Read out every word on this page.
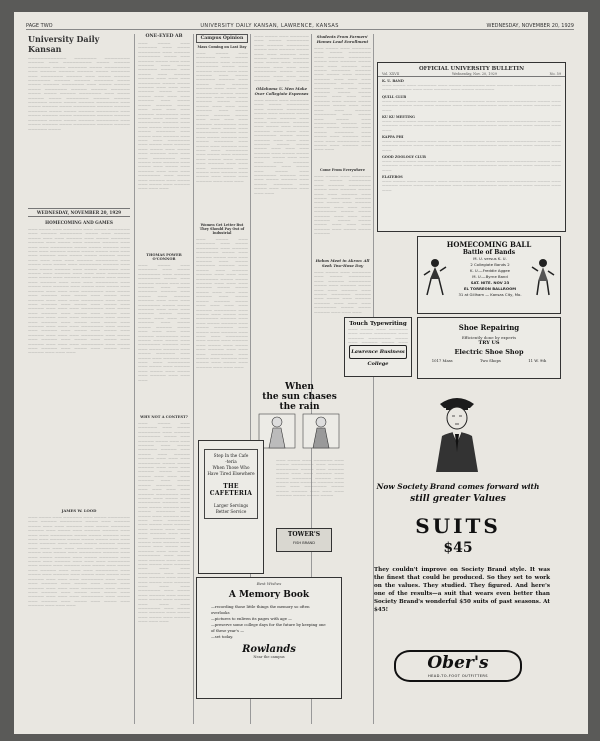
PAGE TWO	UNIVERSITY DAILY KANSAN, LAWRENCE, KANSAS	WEDNESDAY, NOVEMBER 20, 1929
University Daily Kansan
———————————— ——————— ———————— ————— ——— ————————— ———— ————— ——————— ———— —————— ———— ———————— ——— ————— ————— ————— ———— —————— ——— ——————— ————— ——— ———— ————— ——————— ————— ————— —————— ———— ———— ————— ——————— ——— ———— ————— ———— ——————— ————— ————— —————— ———— ———— ————— ——————— ——— ———— ————— ———— ——————— ————— ————— —————— ———— ———— ————— ——————— ——— ———— ————— ———— ——————— ————— ————— —————— ———— ———— ————— ——————— ——— ———— ————— ———— ——————— ————— ————— —————— ———— ———— ————— ——————— ——— ———— ————— ———— ——————— ————— ————— —————— ————
WEDNESDAY, NOVEMBER 20, 1929
HOMECOMING AND GAMES
——— ———— ——— —————— ——— ———— ——————— ——— ————— ——————— ———— ——— ————— ———— ——— ——— ————— ——— ———— —————— ————— ——— ———— ——— ————— ————— ——— ——— ——— ——————— ———— ———— ————— ——— ——— ——— ————— ———— ———— ———— ——— ——— ——— ————— ——— ———— ———— ————— ———— ——— ——— ——— ——— ————— ——————— ——— ———— ——— ———— ——— ——————— ————— ——— ——— ———— ————— ——— ———— —————— ——— ———— ——— ————— ——— ——— ——— ——————— ——— ———— ——— ————— ——— ———— ——— ———— ——— ————— ——— ——— ——— ——————— ——— ———— ——— ————— ——— ———— ——— ———— ——— ————— ——— ——— ——— ——————— ——— ———— ——— ————— ——— ———— ——— ———— ——— ————— ——— ——— ——— ——————— ——— ———— ——— ————— ——— ———— ——— ———— ——— ————— ——— ——— ——— ——————— ——— ———— ——— ————— ——— ———— ——— ———— ——— ————— ——— ——— ——— ——————— ——— ———— ——— ————— ——— ———— ——— ———— ——— ————— ——— ——— ——— ——————— ——— ———— ——— ————— ——— ———— ——— ———— ——— ————— ——— ——— ——— ——————— ——— ———— ——— ————— ——— ———— ——— ———— ——— ————— ——— ——— ——— ——————— ——— ———— ——— ————— ——— ———— ——— ———— ——— ————— ——— ——— ———
JAMES W. LOOD
——— ———— ——— —————— ——— ———— ——————— ——— ————— ——————— ———— ——— ————— ———— ——— ——— ————— ——— ———— —————— ————— ——— ———— ——— ————— ————— ——— ——— ——— ——————— ———— ———— ————— ——— ——— ——— ————— ———— ———— ———— ——— ——— ——— ————— ——— ———— ———— ————— ———— ——— ——— ——— ——— ————— ——————— ——— ———— ——— ———— ——— ——————— ————— ——— ——— ———— ————— ——— ———— —————— ——— ———— ——— ————— ——— ——— ——— ——————— ——— ———— ——— ————— ——— ———— ——— ———— ——— ————— ——— ——— ——— ——————— ——— ———— ——— ————— ——— ———— ——— ———— ——— ————— ——— ——— ——— ——————— ——— ———— ——— ————— ——— ———— ——— ———— ——— ————— ——— ——— ——— ——————— ——— ———— ——— ————— ——— ———— ——— ———— ——— ————— ——— ——— ——— ——————— ——— ———— ——— ————— ——— ———— ——— ———— ——— ————— ——— ——— ———
ONE-EYED AB
——— ———— ——— —————— ——— ———— ——————— ——— ————— ——————— ———— ——— ————— ———— ——— ——— ————— ——— ———— —————— ————— ——— ———— ——— ————— ————— ——— ——— ——— ——————— ———— ———— ————— ——— ——— ——— ————— ———— ———— ———— ——— ——— ——— ————— ——— ———— ———— ————— ———— ——— ——— ——— ——— ————— ——————— ——— ———— ——— ———— ——— ——————— ————— ——— ——— ———— ————— ——— ———— —————— ——— ———— ——— ————— ——— ——— ——— ——————— ——— ———— ——— ————— ——— ———— ——— ———— ——— ————— ——— ——— ——— ——————— ——— ———— ——— ————— ——— ———— ——— ———— ——— ————— ——— ——— ——— ——————— ——— ———— ——— ————— ——— ———— ——— ———— ——— ————— ——— ——— ———
THOMAS POWER O'CONNOR
——— ———— ——— —————— ——— ———— ——————— ——— ————— ——————— ———— ——— ————— ———— ——— ——— ————— ——— ———— —————— ————— ——— ———— ——— ————— ————— ——— ——— ——— ——————— ———— ———— ————— ——— ——— ——— ————— ———— ———— ———— ——— ——— ——— ————— ——— ———— ———— ————— ———— ——— ——— ——— ——— ————— ——————— ——— ———— ——— ———— ——— ——————— ————— ——— ——— ———— ————— ——— ———— —————— ——— ———— ——— ————— ——— ——— ——— ——————— ——— ———— ——— ————— ——— ———— ——— ———— ——— ————— ——— ——— ———
WHY NOT A CONTEST?
——— ———— ——— —————— ——— ———— ——————— ——— ————— ——————— ———— ——— ————— ———— ——— ——— ————— ——— ———— —————— ————— ——— ———— ——— ————— ————— ——— ——— ——— ——————— ———— ———— ————— ——— ——— ——— ————— ———— ———— ———— ——— ——— ——— ————— ——— ———— ———— ————— ———— ——— ——— ——— ——— ————— ——————— ——— ———— ——— ———— ——— ——————— ————— ——— ——— ———— ————— ——— ———— —————— ——— ———— ——— ————— ——— ——— ——— ——————— ——— ———— ——— ————— ——— ———— ——— ———— ——— ————— ——— ——— ——— ——————— ——— ———— ——— ————— ——— ———— ——— ———— ——— ————— ——— ——— ——— ——————— ——— ———— ——— ————— ——— ———— ——— ———— ——— ————— ——— ——— ——— ——————— ——— ———— ——— ————— ——— ———— ——— ———— ——— ————— ——— ——— ——— ——————— ——— ———— ——— ————— ——— ———— ——— ———— ——— ————— ——— ——— ——— ——————— ——— ———— ——— ————— ——— ———— ——— ———— ——— ————— ——— ——— ———
Campus Opinion
Mass Coming on Last Day
——— ———— ——— —————— ——— ———— ——————— ——— ————— ——————— ———— ——— ————— ———— ——— ——— ————— ——— ———— —————— ————— ——— ———— ——— ————— ————— ——— ——— ——— ——————— ———— ———— ————— ——— ——— ——— ————— ———— ———— ———— ——— ——— ——— ————— ——— ———— ———— ————— ———— ——— ——— ——— ——— ————— ——————— ——— ———— ——— ———— ——— ——————— ————— ——— ——— ———— ————— ——— ———— —————— ——— ———— ——— ————— ——— ——— ——— ——————— ——— ———— ——— ————— ——— ———— ——— ———— ——— ————— ——— ——— ——— ——————— ——— ———— ——— ————— ——— ———— ——— ———— ——— ————— ——— ——— ———
Women Get Letter But They Should Pay Out of Industrial
——— ———— ——— —————— ——— ———— ——————— ——— ————— ——————— ———— ——— ————— ———— ——— ——— ————— ——— ———— —————— ————— ——— ———— ——— ————— ————— ——— ——— ——— ——————— ———— ———— ————— ——— ——— ——— ————— ———— ———— ———— ——— ——— ——— ————— ——— ———— ———— ————— ———— ——— ——— ——— ——— ————— ——————— ——— ———— ——— ———— ——— ——————— ————— ——— ——— ———— ————— ——— ———— —————— ——— ———— ——— ————— ——— ——— ——— ——————— ——— ———— ——— ————— ——— ———— ——— ———— ——— ————— ——— ——— ——— ——————— ——— ———— ——— ————— ——— ———— ——— ———— ——— ————— ——— ——— ———
——— ———— ——— —————— ——— ———— ——————— ——— ————— ——————— ———— ——— ————— ———— ——— ——— ————— ——— ———— —————— ————— ——— ———— ——— ————— ————— ——— ——— ——— ——————— ———— ———— ————— ——— ——— ——— ————— ———— ————
Oklahoma U. Men Make Over Collegiate Expenses
——— ———— ——— —————— ——— ———— ——————— ——— ————— ——————— ———— ——— ————— ———— ——— ——— ————— ——— ———— —————— ————— ——— ———— ——— ————— ————— ——— ——— ——— ——————— ———— ———— ————— ——— ——— ——— ————— ———— ———— ———— ——— ——— ——— ————— ——— ———— ———— ————— ———— ——— ——— ——— ——— ————— ——————— ——— ———— ——— ———— ——— ——————— ————— ——— ——— ———— ————— ——— ———— —————— ——— ———— ——— ————— ——— ——— ———
Students From Farmers' Homes Lead Enrollment
——— ———— ——— —————— ——— ———— ——————— ——— ————— ——————— ———— ——— ————— ———— ——— ——— ————— ——— ———— —————— ————— ——— ———— ——— ————— ————— ——— ——— ——— ——————— ———— ———— ————— ——— ——— ——— ————— ———— ———— ———— ——— ——— ——— ————— ——— ———— ———— ————— ———— ——— ——— ——— ——— ————— ——————— ——— ———— ——— ———— ——— ——————— ————— ——— ——— ———— ————— ——— ———— —————— ——— ———— ——— ————— ——— ——— ——— ——————— ——— ———— ——— ————— ——— ——— ———
Come From Everywhere
——— ———— ——— —————— ——— ———— ——————— ——— ————— ——————— ———— ——— ————— ———— ——— ——— ————— ——— ———— —————— ————— ——— ———— ——— ————— ————— ——— ——— ——— ——————— ———— ———— ————— ——— ——— ——— ————— ———— ———— ———— ——— ——— ——— ————— ——— ———— ———— —————
Hobos Meet in Akron: All Seek Two-Hose Day
——— ———— ——— —————— ——— ———— ——————— ——— ————— ——————— ———— ——— ————— ———— ——— ——— ————— ——— ———— —————— ————— ——— ———— ——— ————— ————— ——— ——— ——— ——————— ———— ———— ————— ——— ——— ———
OFFICIAL UNIVERSITY BULLETIN
Vol. XXVII	Wednesday, Nov. 20, 1929	No. 59
K. U. BAND
——— ———— ——— —————— ——— ———— ——————— ——— ————— ——————— ———— ——— ————— ———— ——— ——— ————— ——— ———— ——————
QUILL CLUB
——— ———— ——— —————— ——— ———— ——————— ——— ————— ——————— ———— ——— ————— ———— ——— ——— ————— ——— ———— —————— ——— ———— ——— ————— ——— ———
KU KU MEETING
——— ———— ——— —————— ——— ———— ——————— ——— ————— ——————— ———— ——— ————— ———— ——— ——— ————— ——— ———— —————— ——— ———— ——— ————— ——— ———
KAPPA PHI
——— ———— ——— —————— ——— ———— ——————— ——— ————— ——————— ———— ——— ————— ———— ——— ——— ————— ——— ———— —————— ——— ———— ——— ————— ——— ———
GOOD ZOOLOGY CLUB
——— ———— ——— —————— ——— ———— ——————— ——— ————— ——————— ———— ——— ————— ———— ——— ——— ————— ——— ———— —————— ——— ———— ——— ————— ——— ———
ELATEROS
——— ———— ——— —————— ——— ———— ——————— ——— ————— ——————— ———— ——— ————— ———— ——— ——— ————— ——— ———— —————— ——— ———— ——— ————— ——— ———
HOMECOMING BALL
Battle of Bands
M. U. versus K. U.
2 Collegiate Bands 2
K. U.—Freddie Aggee
M. U.—Byrne Band
SAT. NITE. NOV 23
EL TORREON BALLROOM
31 at Gillham — Kansas City, Mo.
Touch Typewriting
——— ———— ——— —————— ——— ———— ——————— ——— ————— ——————— ———— ——— ————— ———— ———
Lawrence Business College
Shoe Repairing
Efficiently done by experts
TRY US
Electric Shoe Shop
1017 Mass	Two Shops	11 W. 9th
When
the sun chases
the rain
——— ———— ——— —————— ——— ———— ——————— ——— ————— ——————— ———— ——— ————— ———— ——— ——— ————— ——— ———— —————— ————— ——— ———— ——— ————— ————— ——— ——— ——— ——————— ———— ———— ————— ——— ——— ——— ————— ———— ———— ————
TOWER'S
FISH BRAND
Step In the Cafe
-teria
When Those Who
Have Tired Elsewhere
THE CAFETERIA
Larger Servings
Better Service
Best Wishes
A Memory Book
—recording those little things the memory so often overlooks
—pictures to enliven its pages with age —
—preserve some college days for the future by keeping one of these year's —
—set today.
Rowlands
Near the campus
Now Society Brand comes forward with
still greater Values
SUITS
$45
They couldn't improve on Society Brand style. It was the finest that could be produced. So they set to work on the values. They studied. They figured. And here's one of the results—a suit that wears even better than Society Brand's wonderful $50 suits of past seasons. At $45!
Ober's
HEAD-TO-FOOT OUTFITTERS
